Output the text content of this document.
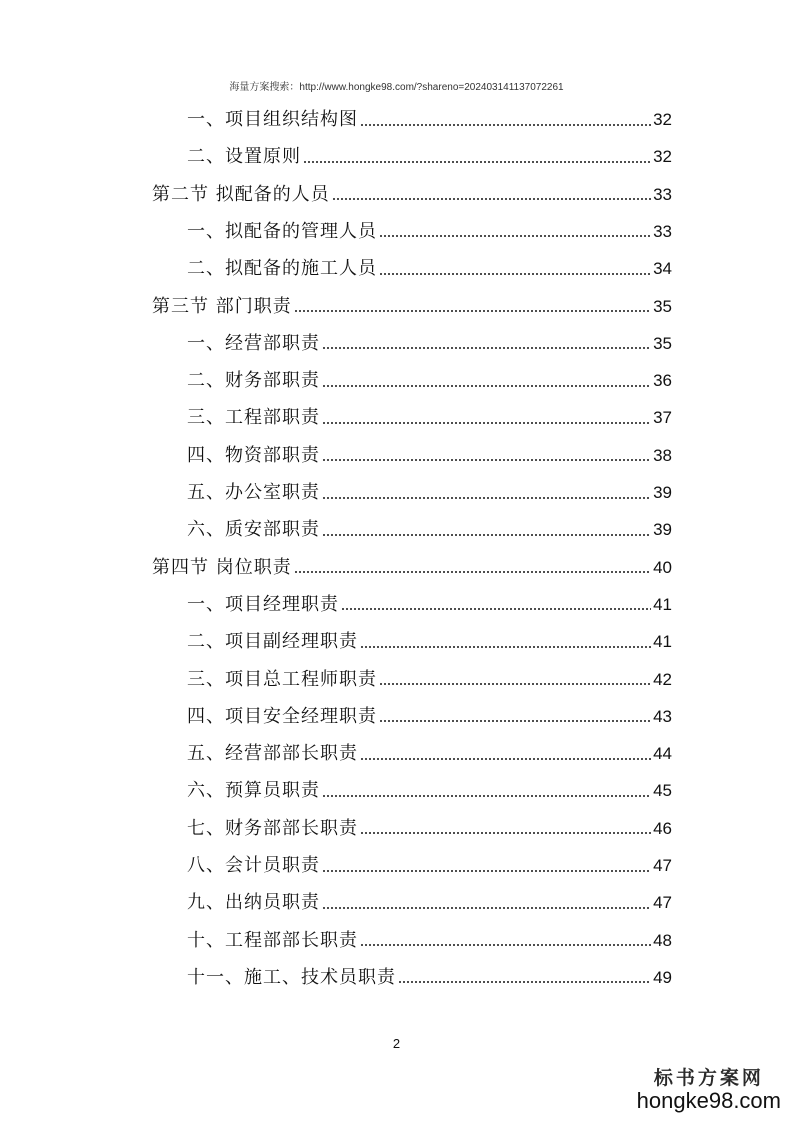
海量方案搜索：http://www.hongke98.com/?shareno=202403141137072261
一、项目组织结构图	32
二、设置原则	32
第二节 拟配备的人员	33
一、拟配备的管理人员	33
二、拟配备的施工人员	34
第三节 部门职责	35
一、经营部职责	35
二、财务部职责	36
三、工程部职责	37
四、物资部职责	38
五、办公室职责	39
六、质安部职责	39
第四节 岗位职责	40
一、项目经理职责	41
二、项目副经理职责	41
三、项目总工程师职责	42
四、项目安全经理职责	43
五、经营部部长职责	44
六、预算员职责	45
七、财务部部长职责	46
八、会计员职责	47
九、出纳员职责	47
十、工程部部长职责	48
十一、施工、技术员职责	49
2
标书方案网
hongke98.com
